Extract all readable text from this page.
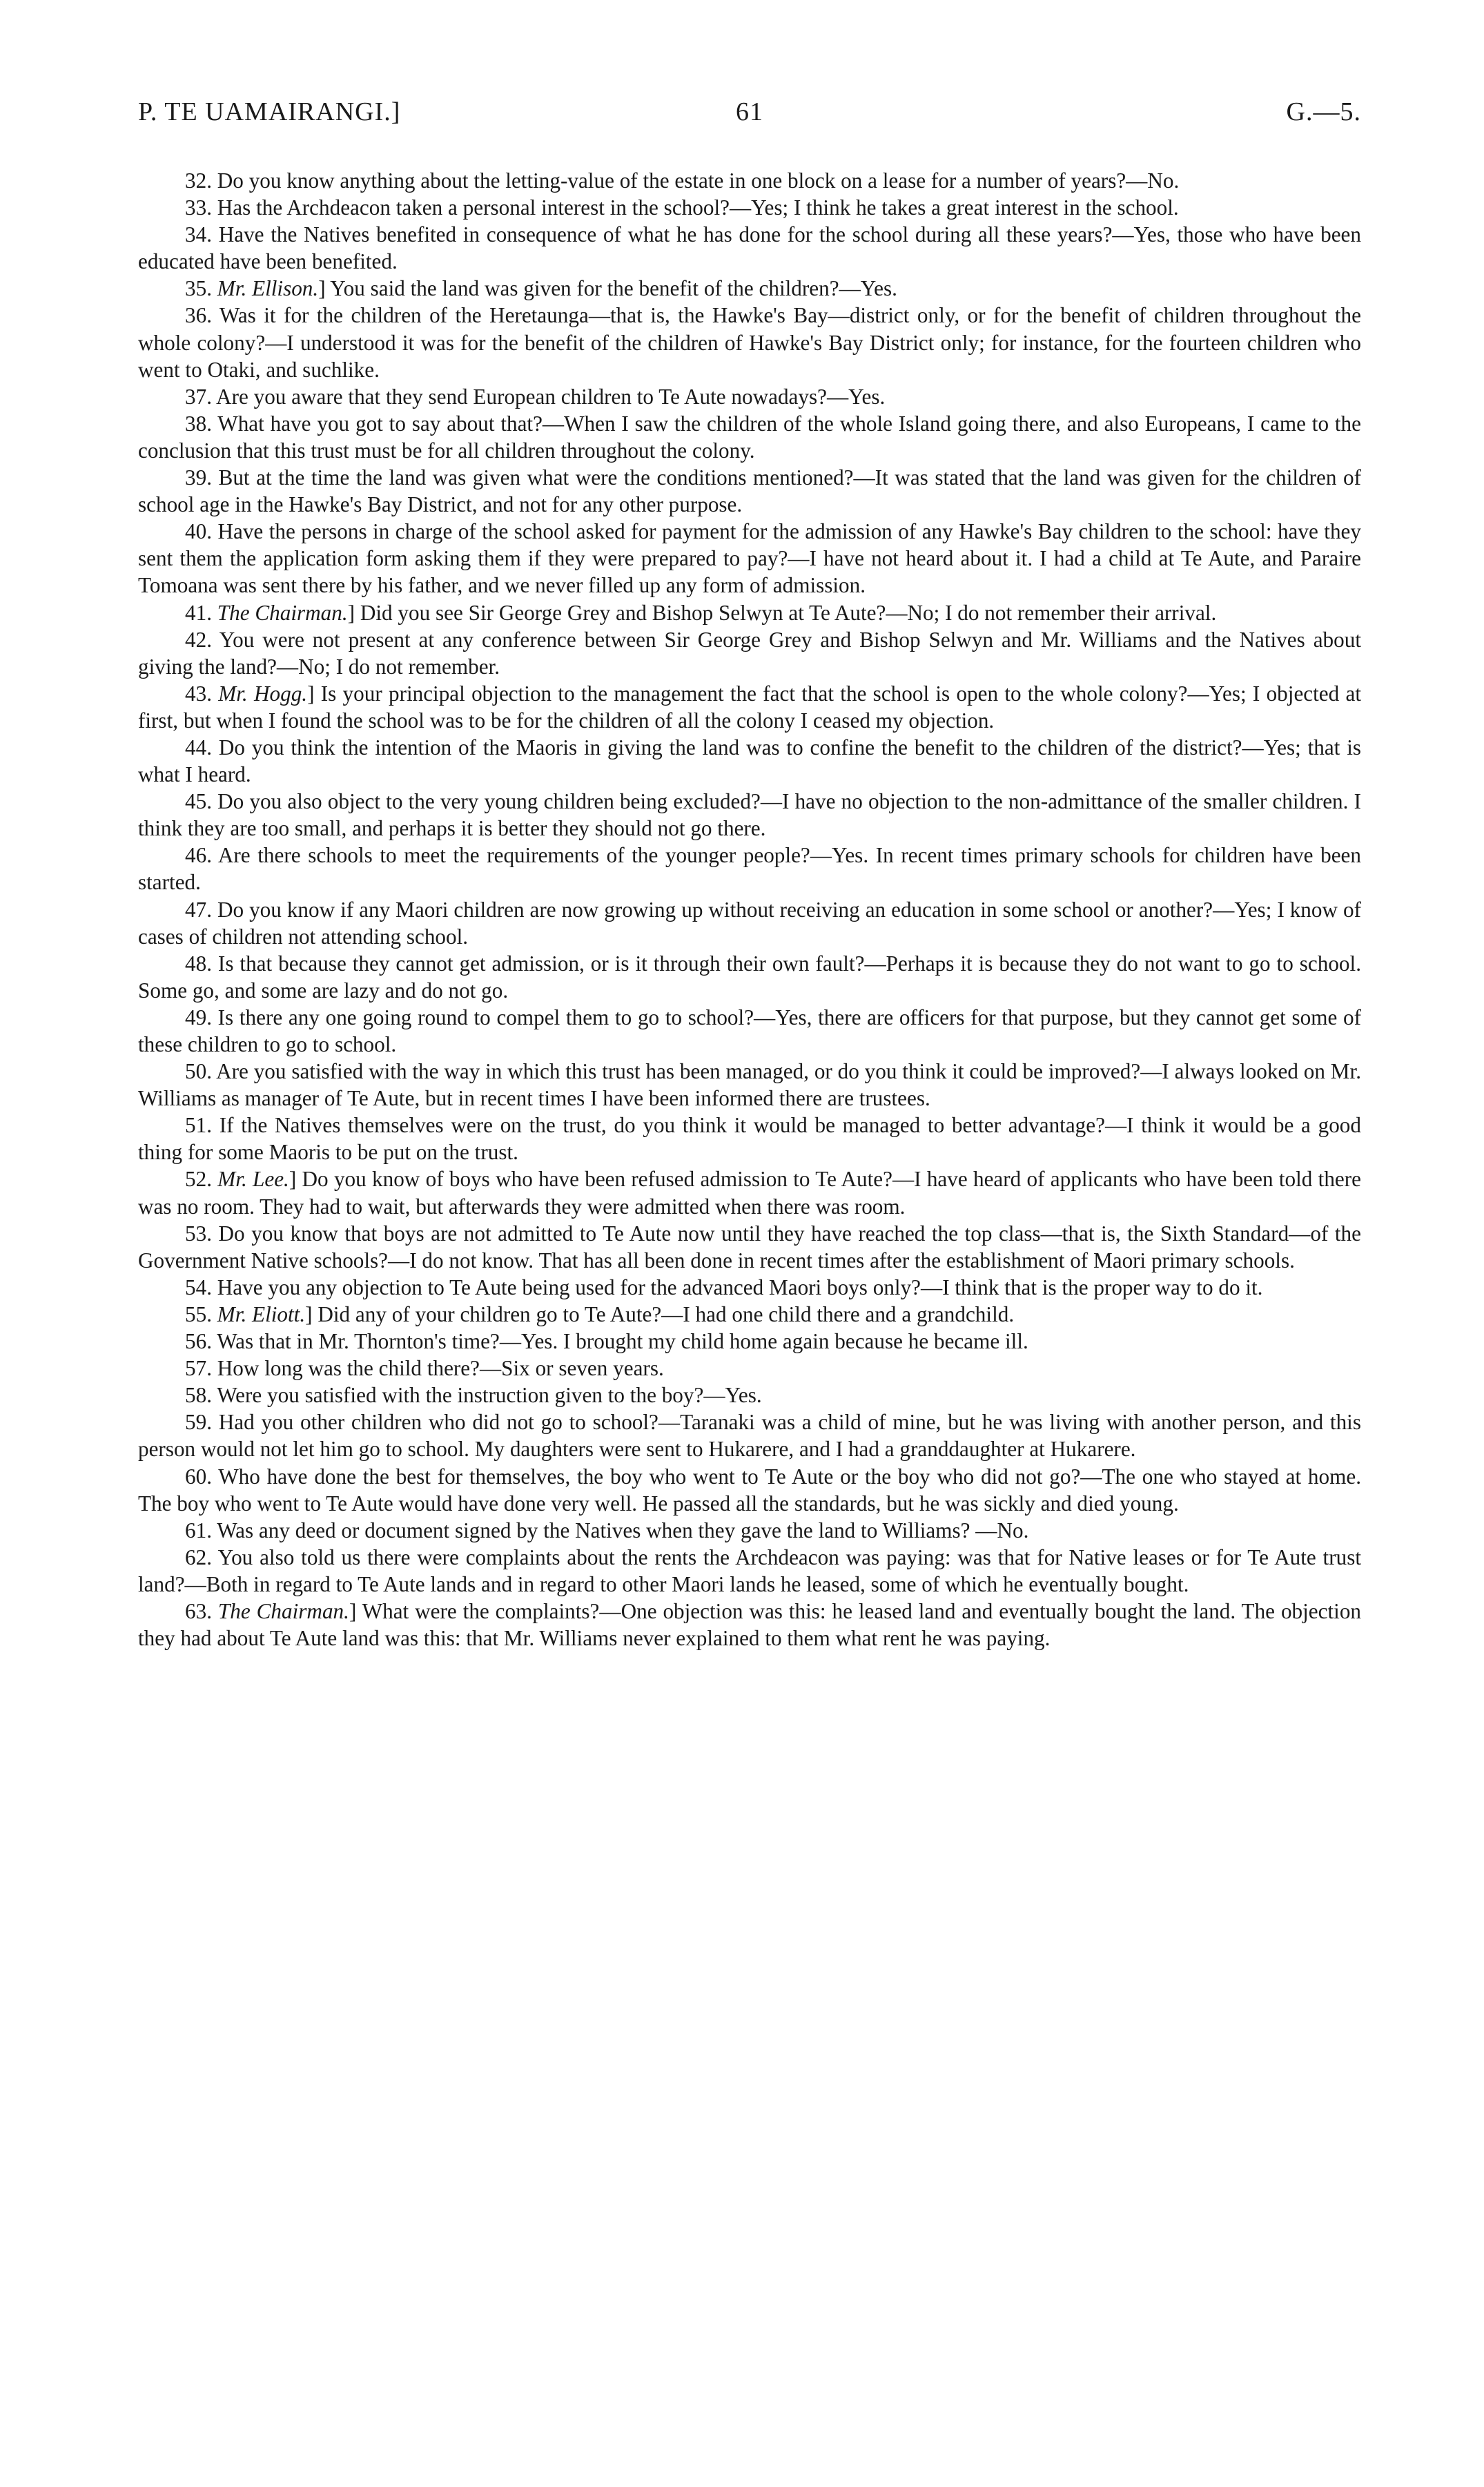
P. TE UAMAIRANGI.]	61	G.—5.

32. Do you know anything about the letting-value of the estate in one block on a lease for a number of years?—No.

33. Has the Archdeacon taken a personal interest in the school?—Yes; I think he takes a great interest in the school.

34. Have the Natives benefited in consequence of what he has done for the school during all these years?—Yes, those who have been educated have been benefited.

35. Mr. Ellison.] You said the land was given for the benefit of the children?—Yes.

36. Was it for the children of the Heretaunga—that is, the Hawke's Bay—district only, or for the benefit of children throughout the whole colony?—I understood it was for the benefit of the children of Hawke's Bay District only; for instance, for the fourteen children who went to Otaki, and suchlike.

37. Are you aware that they send European children to Te Aute nowadays?—Yes.

38. What have you got to say about that?—When I saw the children of the whole Island going there, and also Europeans, I came to the conclusion that this trust must be for all children throughout the colony.

39. But at the time the land was given what were the conditions mentioned?—It was stated that the land was given for the children of school age in the Hawke's Bay District, and not for any other purpose.

40. Have the persons in charge of the school asked for payment for the admission of any Hawke's Bay children to the school: have they sent them the application form asking them if they were prepared to pay?—I have not heard about it. I had a child at Te Aute, and Paraire Tomoana was sent there by his father, and we never filled up any form of admission.

41. The Chairman.] Did you see Sir George Grey and Bishop Selwyn at Te Aute?—No; I do not remember their arrival.

42. You were not present at any conference between Sir George Grey and Bishop Selwyn and Mr. Williams and the Natives about giving the land?—No; I do not remember.

43. Mr. Hogg.] Is your principal objection to the management the fact that the school is open to the whole colony?—Yes; I objected at first, but when I found the school was to be for the children of all the colony I ceased my objection.

44. Do you think the intention of the Maoris in giving the land was to confine the benefit to the children of the district?—Yes; that is what I heard.

45. Do you also object to the very young children being excluded?—I have no objection to the non-admittance of the smaller children. I think they are too small, and perhaps it is better they should not go there.

46. Are there schools to meet the requirements of the younger people?—Yes. In recent times primary schools for children have been started.

47. Do you know if any Maori children are now growing up without receiving an education in some school or another?—Yes; I know of cases of children not attending school.

48. Is that because they cannot get admission, or is it through their own fault?—Perhaps it is because they do not want to go to school. Some go, and some are lazy and do not go.

49. Is there any one going round to compel them to go to school?—Yes, there are officers for that purpose, but they cannot get some of these children to go to school.

50. Are you satisfied with the way in which this trust has been managed, or do you think it could be improved?—I always looked on Mr. Williams as manager of Te Aute, but in recent times I have been informed there are trustees.

51. If the Natives themselves were on the trust, do you think it would be managed to better advantage?—I think it would be a good thing for some Maoris to be put on the trust.

52. Mr. Lee.] Do you know of boys who have been refused admission to Te Aute?—I have heard of applicants who have been told there was no room. They had to wait, but afterwards they were admitted when there was room.

53. Do you know that boys are not admitted to Te Aute now until they have reached the top class—that is, the Sixth Standard—of the Government Native schools?—I do not know. That has all been done in recent times after the establishment of Maori primary schools.

54. Have you any objection to Te Aute being used for the advanced Maori boys only?—I think that is the proper way to do it.

55. Mr. Eliott.] Did any of your children go to Te Aute?—I had one child there and a grandchild.

56. Was that in Mr. Thornton's time?—Yes. I brought my child home again because he became ill.

57. How long was the child there?—Six or seven years.

58. Were you satisfied with the instruction given to the boy?—Yes.

59. Had you other children who did not go to school?—Taranaki was a child of mine, but he was living with another person, and this person would not let him go to school. My daughters were sent to Hukarere, and I had a granddaughter at Hukarere.

60. Who have done the best for themselves, the boy who went to Te Aute or the boy who did not go?—The one who stayed at home. The boy who went to Te Aute would have done very well. He passed all the standards, but he was sickly and died young.

61. Was any deed or document signed by the Natives when they gave the land to Williams? —No.

62. You also told us there were complaints about the rents the Archdeacon was paying: was that for Native leases or for Te Aute trust land?—Both in regard to Te Aute lands and in regard to other Maori lands he leased, some of which he eventually bought.

63. The Chairman.] What were the complaints?—One objection was this: he leased land and eventually bought the land. The objection they had about Te Aute land was this: that Mr. Williams never explained to them what rent he was paying.
